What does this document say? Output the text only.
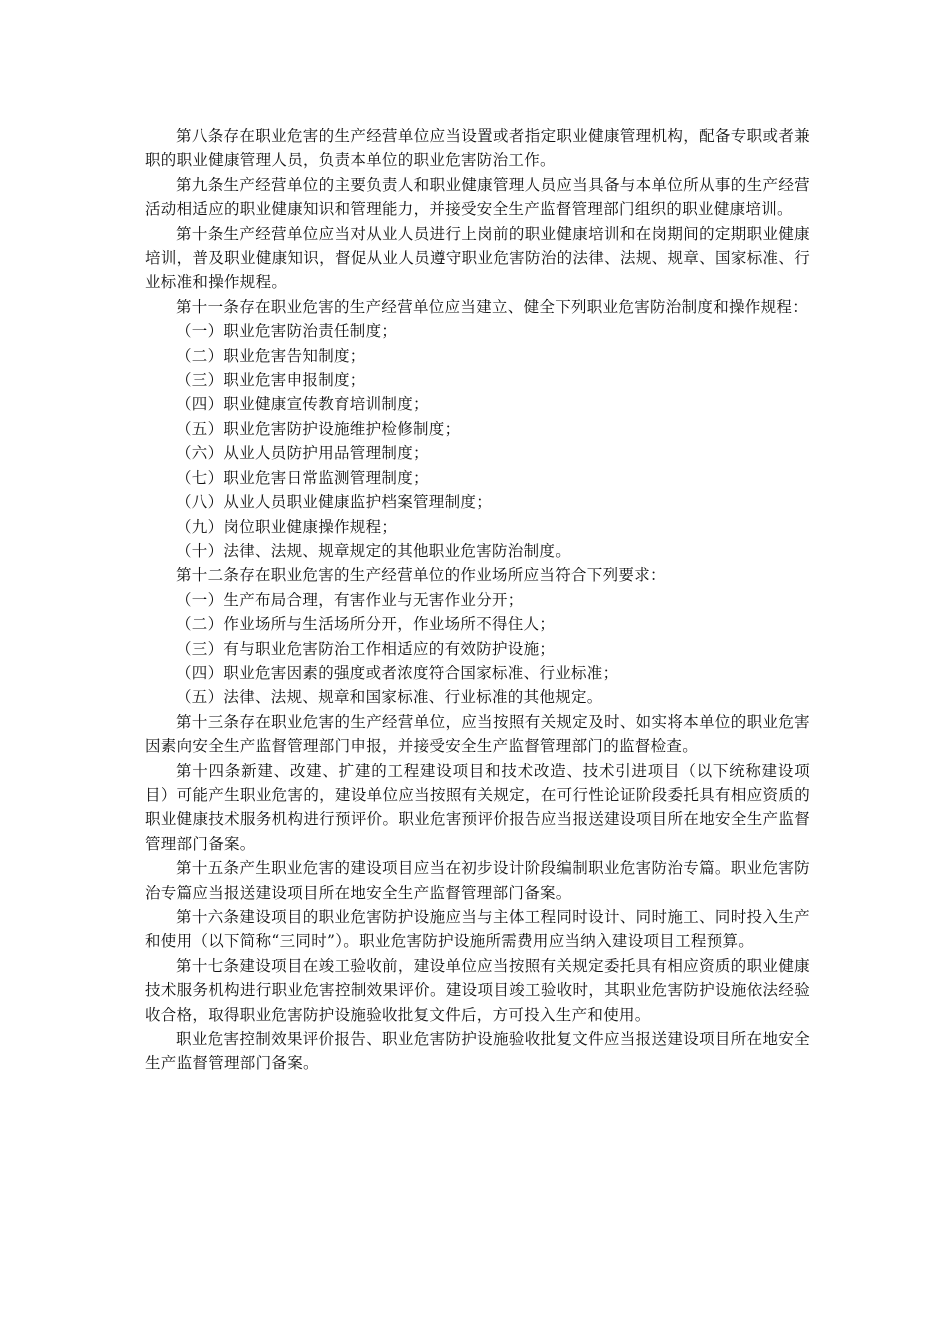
第八条存在职业危害的生产经营单位应当设置或者指定职业健康管理机构，配备专职或者兼职的职业健康管理人员，负责本单位的职业危害防治工作。

第九条生产经营单位的主要负责人和职业健康管理人员应当具备与本单位所从事的生产经营活动相适应的职业健康知识和管理能力，并接受安全生产监督管理部门组织的职业健康培训。

第十条生产经营单位应当对从业人员进行上岗前的职业健康培训和在岗期间的定期职业健康培训，普及职业健康知识，督促从业人员遵守职业危害防治的法律、法规、规章、国家标准、行业标准和操作规程。

第十一条存在职业危害的生产经营单位应当建立、健全下列职业危害防治制度和操作规程：

（一）职业危害防治责任制度；

（二）职业危害告知制度；

（三）职业危害申报制度；

（四）职业健康宣传教育培训制度；

（五）职业危害防护设施维护检修制度；

（六）从业人员防护用品管理制度；

（七）职业危害日常监测管理制度；

（八）从业人员职业健康监护档案管理制度；

（九）岗位职业健康操作规程；

（十）法律、法规、规章规定的其他职业危害防治制度。

第十二条存在职业危害的生产经营单位的作业场所应当符合下列要求：

（一）生产布局合理，有害作业与无害作业分开；

（二）作业场所与生活场所分开，作业场所不得住人；

（三）有与职业危害防治工作相适应的有效防护设施；

（四）职业危害因素的强度或者浓度符合国家标准、行业标准；

（五）法律、法规、规章和国家标准、行业标准的其他规定。

第十三条存在职业危害的生产经营单位，应当按照有关规定及时、如实将本单位的职业危害因素向安全生产监督管理部门申报，并接受安全生产监督管理部门的监督检查。

第十四条新建、改建、扩建的工程建设项目和技术改造、技术引进项目（以下统称建设项目）可能产生职业危害的，建设单位应当按照有关规定，在可行性论证阶段委托具有相应资质的职业健康技术服务机构进行预评价。职业危害预评价报告应当报送建设项目所在地安全生产监督管理部门备案。

第十五条产生职业危害的建设项目应当在初步设计阶段编制职业危害防治专篇。职业危害防治专篇应当报送建设项目所在地安全生产监督管理部门备案。

第十六条建设项目的职业危害防护设施应当与主体工程同时设计、同时施工、同时投入生产和使用（以下简称“三同时”）。职业危害防护设施所需费用应当纳入建设项目工程预算。

第十七条建设项目在竣工验收前，建设单位应当按照有关规定委托具有相应资质的职业健康技术服务机构进行职业危害控制效果评价。建设项目竣工验收时，其职业危害防护设施依法经验收合格，取得职业危害防护设施验收批复文件后，方可投入生产和使用。

职业危害控制效果评价报告、职业危害防护设施验收批复文件应当报送建设项目所在地安全生产监督管理部门备案。
